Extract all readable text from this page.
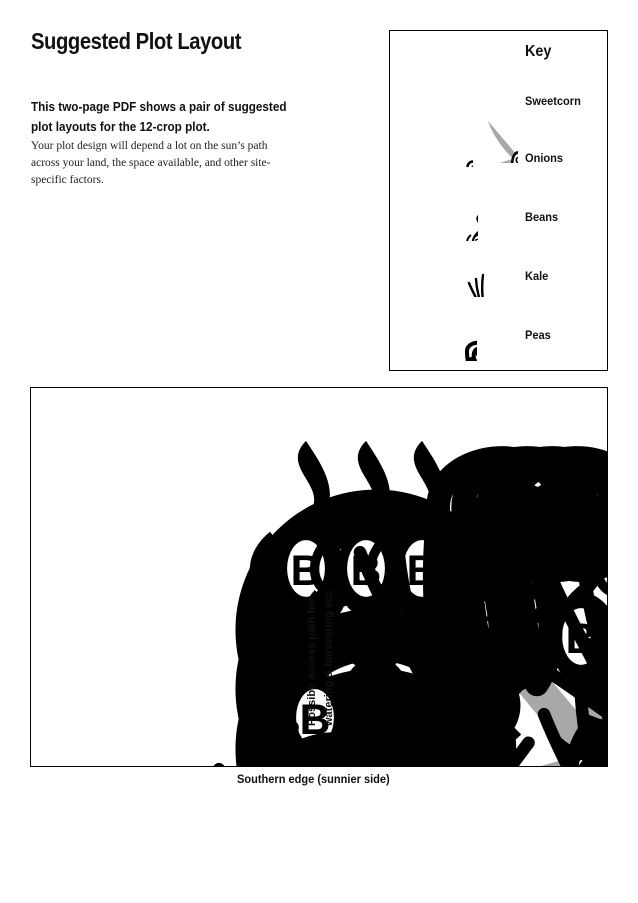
Suggested Plot Layout
This two-page PDF shows a pair of suggested plot layouts for the 12-crop plot.
Your plot design will depend a lot on the sun’s path across your land, the space available, and other site-specific factors.
Key
Sweetcorn
Onions
Beans
Kale
Peas
Possiblr access path for watering & harvesting etc.
Southern edge (sunnier side)
